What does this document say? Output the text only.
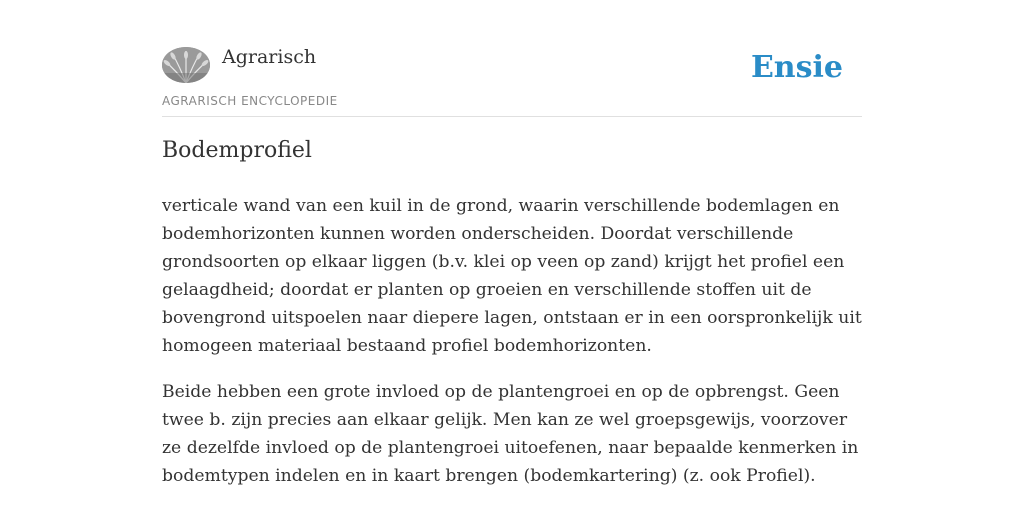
Agrarisch
AGRARISCH ENCYCLOPEDIE
Ensie
Bodemprofiel

verticale wand van een kuil in de grond, waarin verschillende bodemlagen en bodemhorizonten kunnen worden onderscheiden. Doordat verschillende grondsoorten op elkaar liggen (b.v. klei op veen op zand) krijgt het profiel een gelaagdheid; doordat er planten op groeien en verschillende stoffen uit de bovengrond uitspoelen naar diepere lagen, ontstaan er in een oorspronkelijk uit homogeen materiaal bestaand profiel bodemhorizonten.

Beide hebben een grote invloed op de plantengroei en op de opbrengst. Geen twee b. zijn precies aan elkaar gelijk. Men kan ze wel groepsgewijs, voorzover ze dezelfde invloed op de plantengroei uitoefenen, naar bepaalde kenmerken in bodemtypen indelen en in kaart brengen (bodemkartering) (z. ook Profiel).
